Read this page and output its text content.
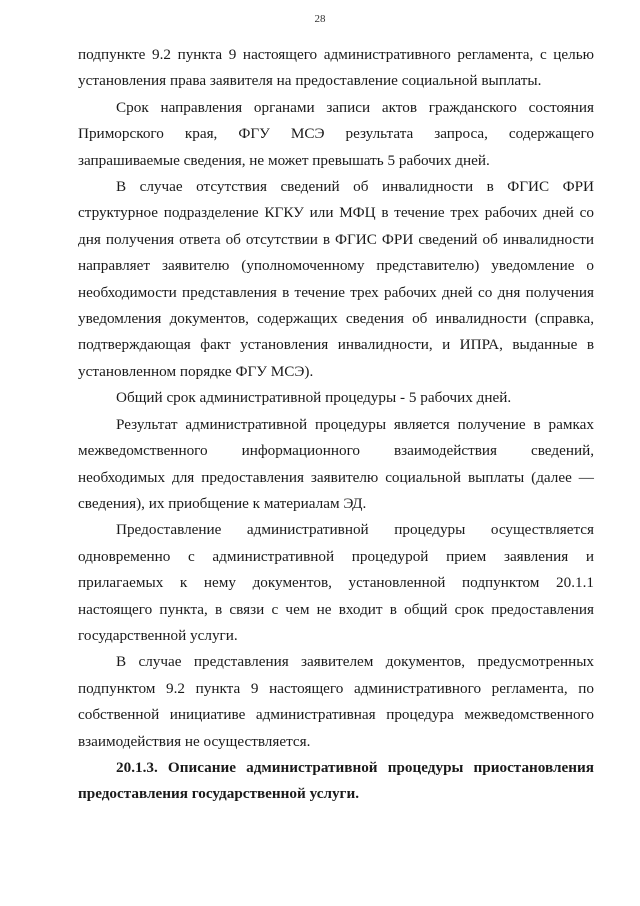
28

подпункте 9.2 пункта 9 настоящего административного регламента, с целью установления права заявителя на предоставление социальной выплаты.

Срок направления органами записи актов гражданского состояния Приморского края, ФГУ МСЭ результата запроса, содержащего запрашиваемые сведения, не может превышать 5 рабочих дней.

В случае отсутствия сведений об инвалидности в ФГИС ФРИ структурное подразделение КГКУ или МФЦ в течение трех рабочих дней со дня получения ответа об отсутствии в ФГИС ФРИ сведений об инвалидности направляет заявителю (уполномоченному представителю) уведомление о необходимости представления в течение трех рабочих дней со дня получения уведомления документов, содержащих сведения об инвалидности (справка, подтверждающая факт установления инвалидности, и ИПРА, выданные в установленном порядке ФГУ МСЭ).

Общий срок административной процедуры - 5 рабочих дней.

Результат административной процедуры является получение в рамках межведомственного информационного взаимодействия сведений, необходимых для предоставления заявителю социальной выплаты (далее — сведения), их приобщение к материалам ЭД.

Предоставление административной процедуры осуществляется одновременно с административной процедурой прием заявления и прилагаемых к нему документов, установленной подпунктом 20.1.1 настоящего пункта, в связи с чем не входит в общий срок предоставления государственной услуги.

В случае представления заявителем документов, предусмотренных подпунктом 9.2 пункта 9 настоящего административного регламента, по собственной инициативе административная процедура межведомственного взаимодействия не осуществляется.

20.1.3. Описание административной процедуры приостановления предоставления государственной услуги.
